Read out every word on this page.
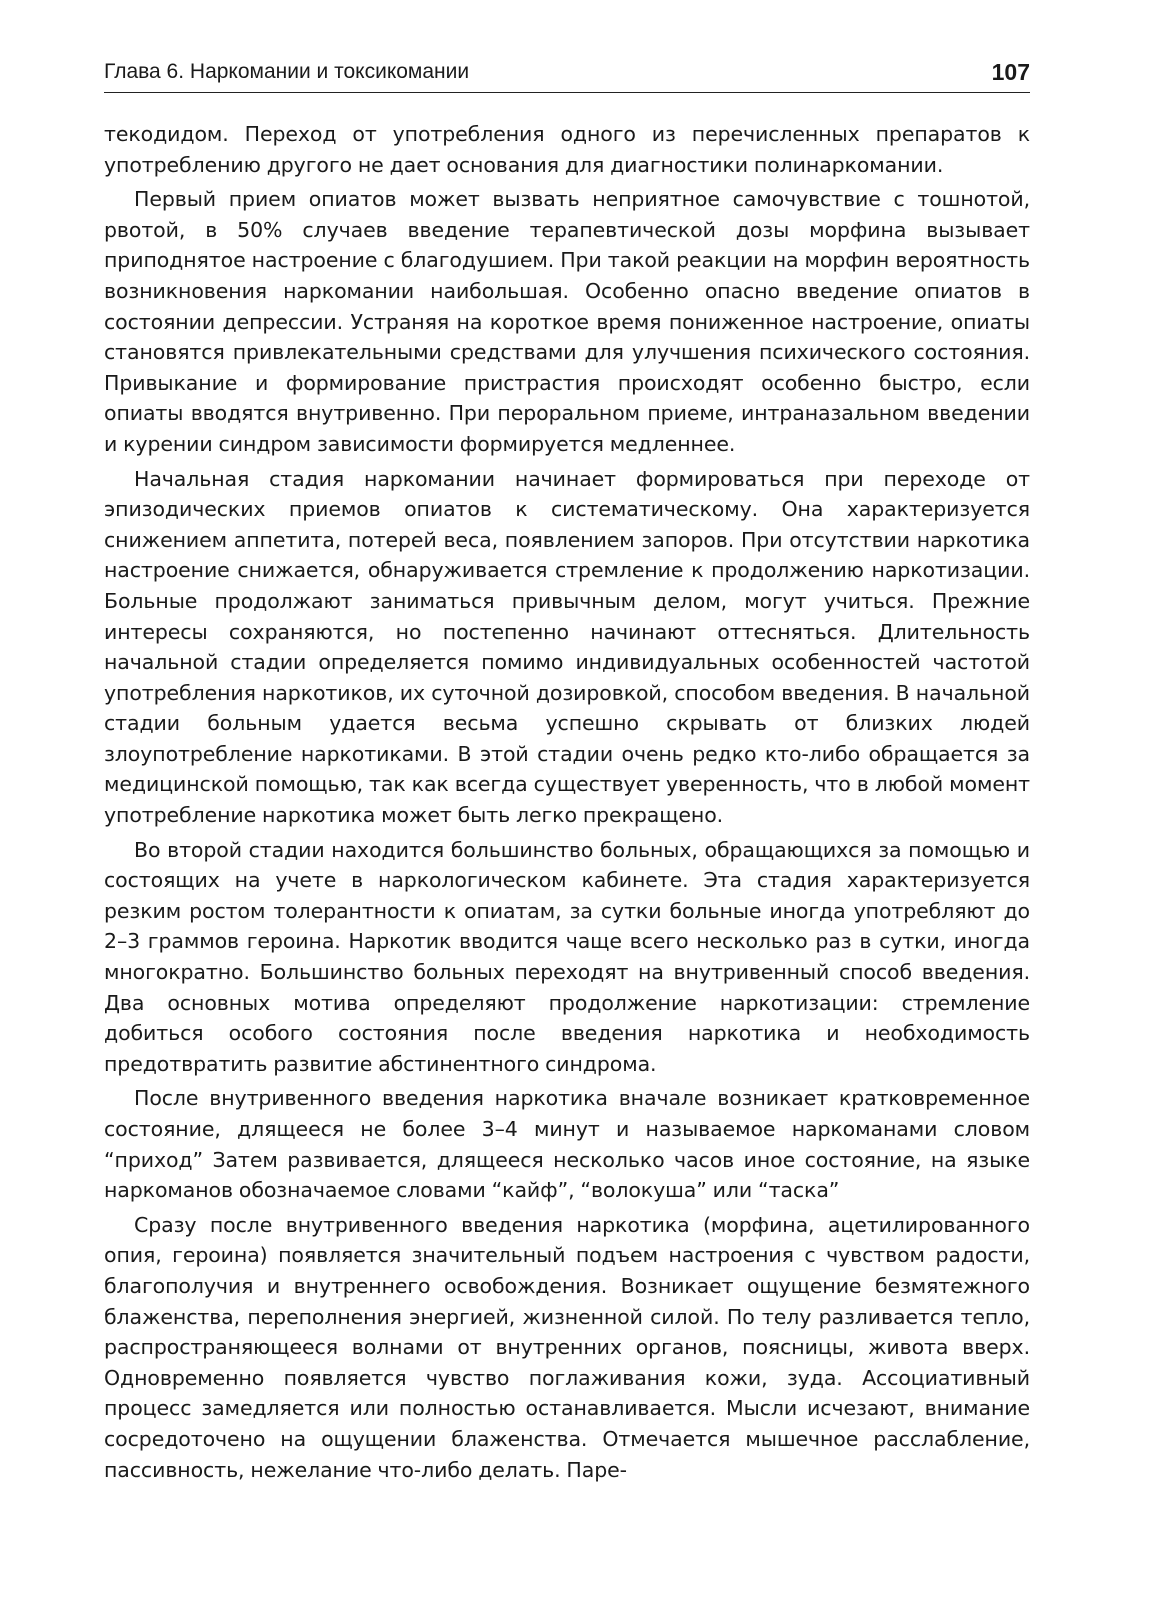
Глава 6. Наркомании и токсикомании	107

текодидом. Переход от употребления одного из перечисленных препаратов к употреблению другого не дает основания для диагностики полинаркомании.

Первый прием опиатов может вызвать неприятное самочувствие с тошнотой, рвотой, в 50% случаев введение терапевтической дозы морфина вызывает приподнятое настроение с благодушием. При такой реакции на морфин вероятность возникновения наркомании наибольшая. Особенно опасно введение опиатов в состоянии депрессии. Устраняя на короткое время пониженное настроение, опиаты становятся привлекательными средствами для улучшения психического состояния. Привыкание и формирование пристрастия происходят особенно быстро, если опиаты вводятся внутривенно. При пероральном приеме, интраназальном введении и курении синдром зависимости формируется медленнее.

Начальная стадия наркомании начинает формироваться при переходе от эпизодических приемов опиатов к систематическому. Она характеризуется снижением аппетита, потерей веса, появлением запоров. При отсутствии наркотика настроение снижается, обнаруживается стремление к продолжению наркотизации. Больные продолжают заниматься привычным делом, могут учиться. Прежние интересы сохраняются, но постепенно начинают оттесняться. Длительность начальной стадии определяется помимо индивидуальных особенностей частотой употребления наркотиков, их суточной дозировкой, способом введения. В начальной стадии больным удается весьма успешно скрывать от близких людей злоупотребление наркотиками. В этой стадии очень редко кто-либо обращается за медицинской помощью, так как всегда существует уверенность, что в любой момент употребление наркотика может быть легко прекращено.

Во второй стадии находится большинство больных, обращающихся за помощью и состоящих на учете в наркологическом кабинете. Эта стадия характеризуется резким ростом толерантности к опиатам, за сутки больные иногда употребляют до 2–3 граммов героина. Наркотик вводится чаще всего несколько раз в сутки, иногда многократно. Большинство больных переходят на внутривенный способ введения. Два основных мотива определяют продолжение наркотизации: стремление добиться особого состояния после введения наркотика и необходимость предотвратить развитие абстинентного синдрома.

После внутривенного введения наркотика вначале возникает кратковременное состояние, длящееся не более 3–4 минут и называемое наркоманами словом “приход” Затем развивается, длящееся несколько часов иное состояние, на языке наркоманов обозначаемое словами “кайф”, “волокуша” или “таска”

Сразу после внутривенного введения наркотика (морфина, ацетилированного опия, героина) появляется значительный подъем настроения с чувством радости, благополучия и внутреннего освобождения. Возникает ощущение безмятежного блаженства, переполнения энергией, жизненной силой. По телу разливается тепло, распространяющееся волнами от внутренних органов, поясницы, живота вверх. Одновременно появляется чувство поглаживания кожи, зуда. Ассоциативный процесс замедляется или полностью останавливается. Мысли исчезают, внимание сосредоточено на ощущении блаженства. Отмечается мышечное расслабление, пассивность, нежелание что-либо делать. Паре-
